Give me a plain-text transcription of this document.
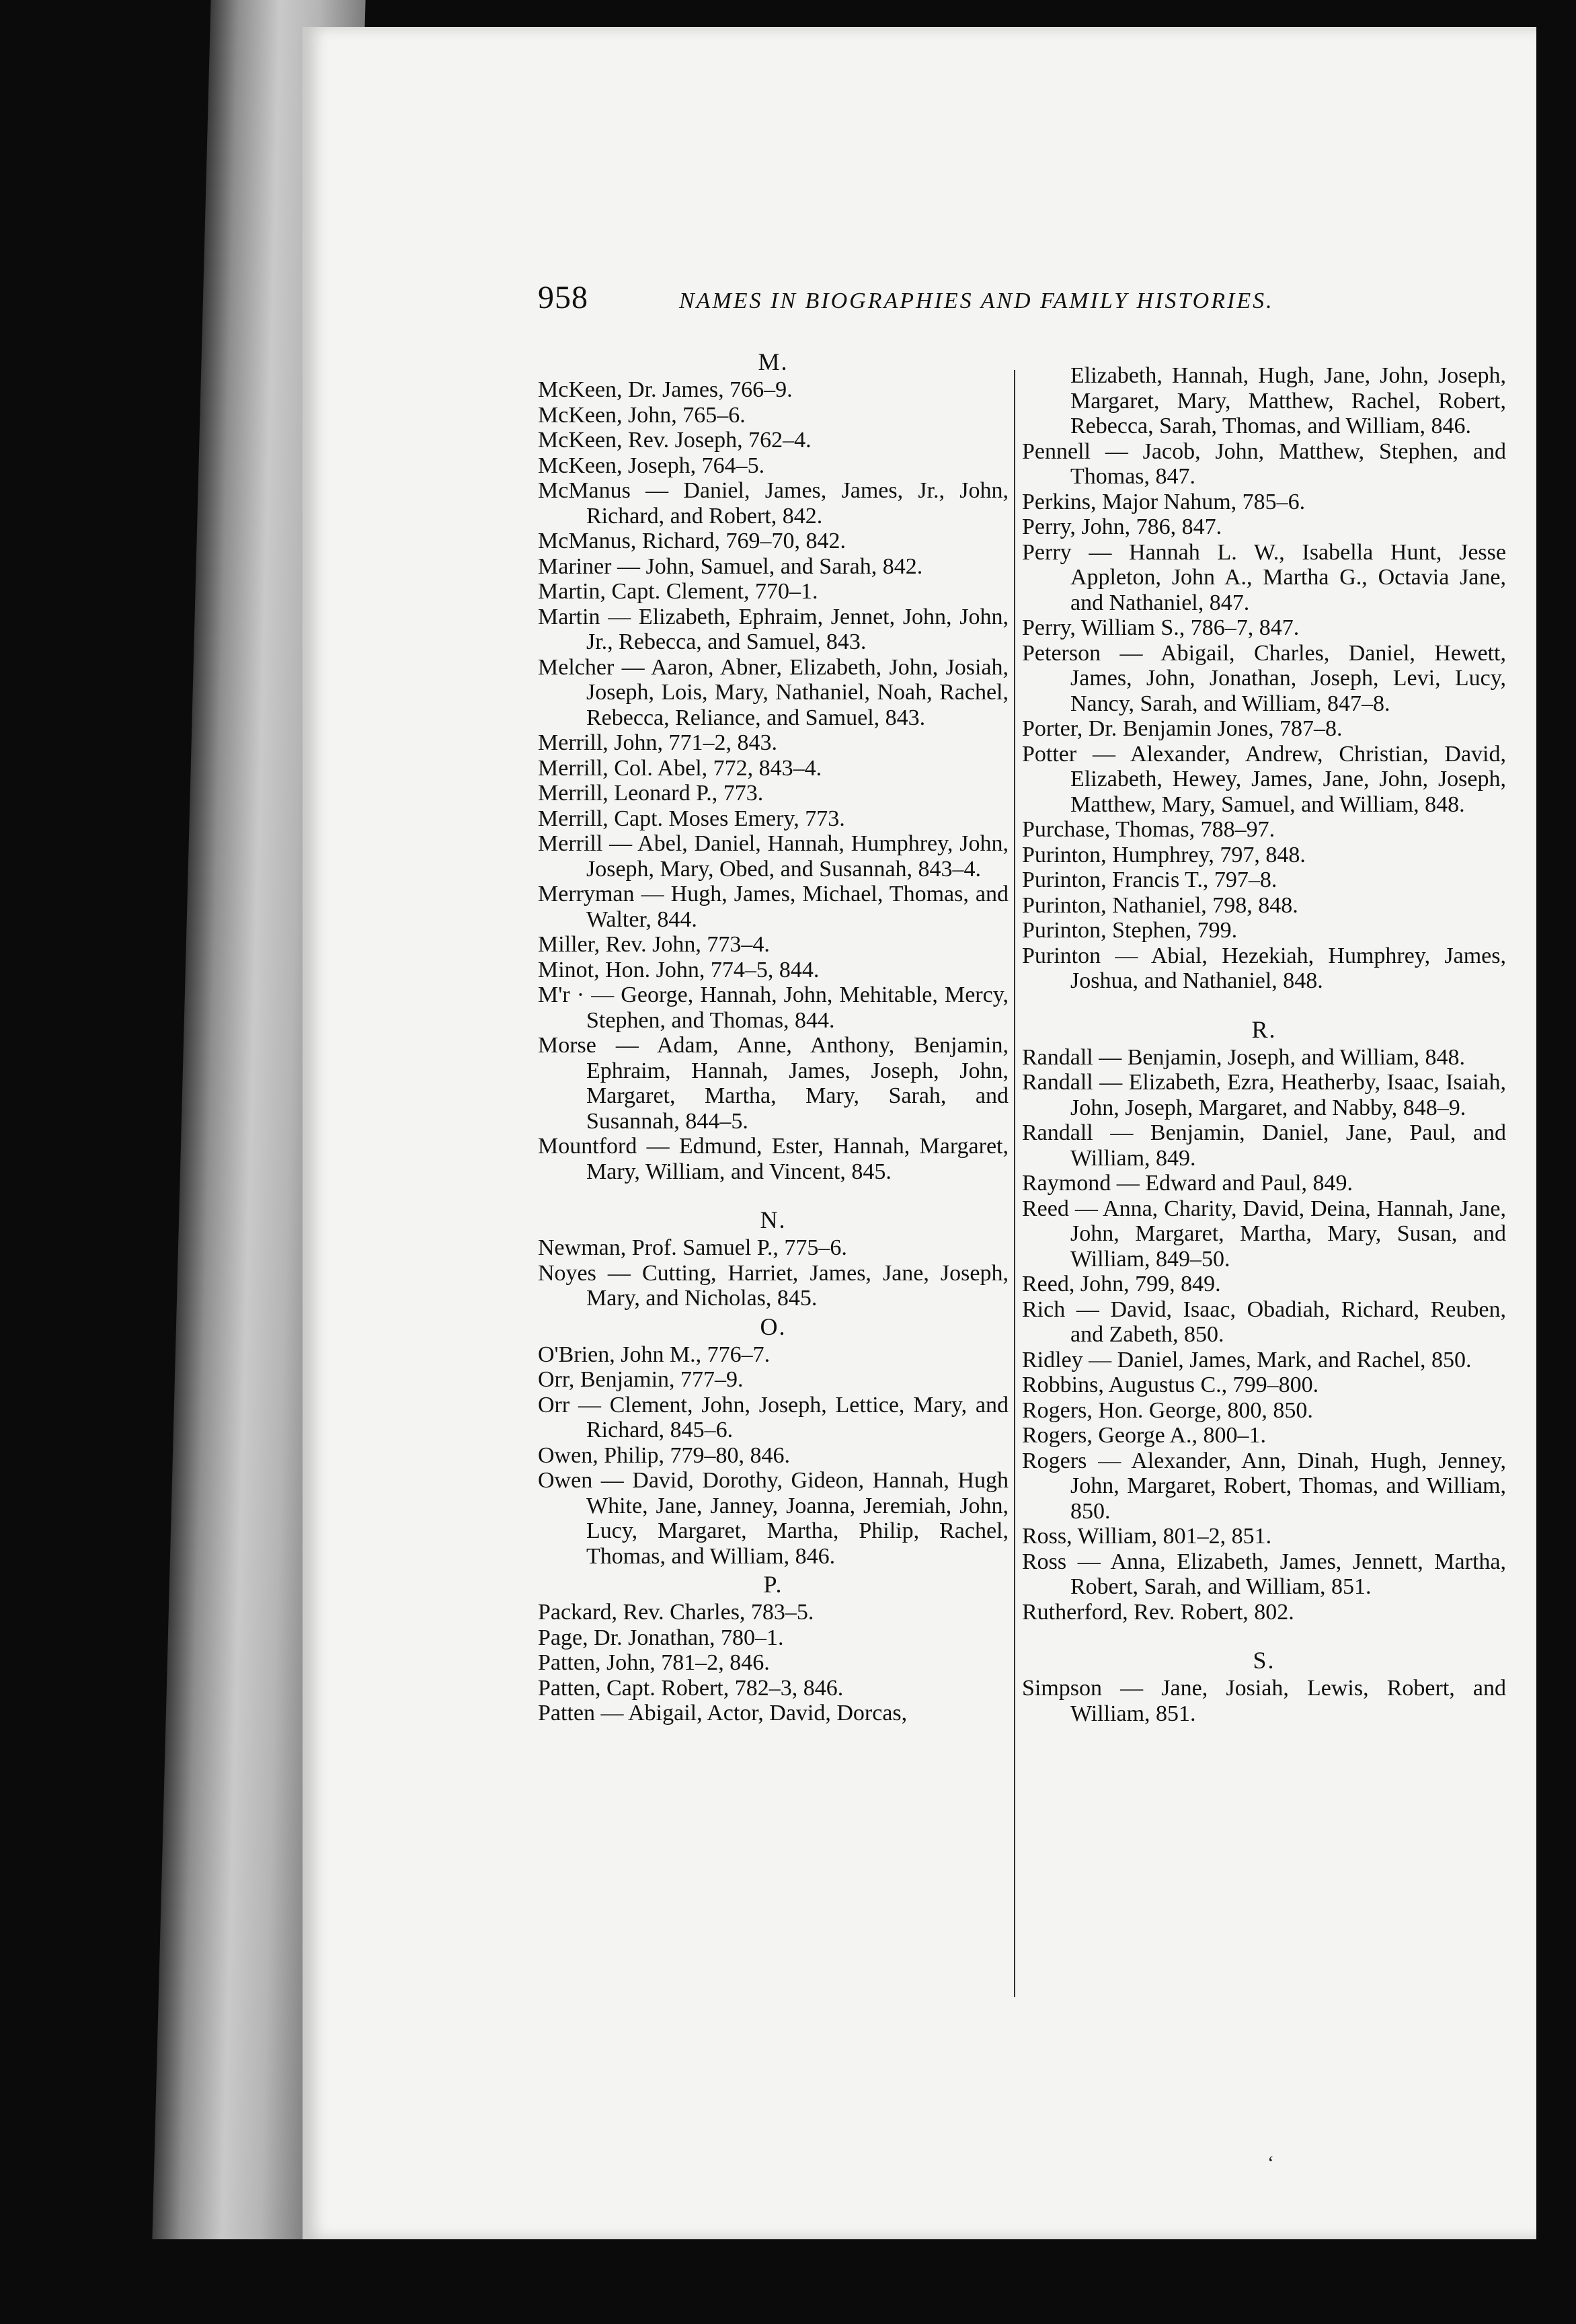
958	NAMES IN BIOGRAPHIES AND FAMILY HISTORIES.
M.

McKeen, Dr. James, 766–9.

McKeen, John, 765–6.

McKeen, Rev. Joseph, 762–4.

McKeen, Joseph, 764–5.

McManus — Daniel, James, James, Jr., John, Richard, and Robert, 842.

McManus, Richard, 769–70, 842.

Mariner — John, Samuel, and Sarah, 842.

Martin, Capt. Clement, 770–1.

Martin — Elizabeth, Ephraim, Jennet, John, John, Jr., Rebecca, and Samuel, 843.

Melcher — Aaron, Abner, Elizabeth, John, Josiah, Joseph, Lois, Mary, Nathaniel, Noah, Rachel, Rebecca, Reliance, and Samuel, 843.

Merrill, John, 771–2, 843.

Merrill, Col. Abel, 772, 843–4.

Merrill, Leonard P., 773.

Merrill, Capt. Moses Emery, 773.

Merrill — Abel, Daniel, Hannah, Humphrey, John, Joseph, Mary, Obed, and Susannah, 843–4.

Merryman — Hugh, James, Michael, Thomas, and Walter, 844.

Miller, Rev. John, 773–4.

Minot, Hon. John, 774–5, 844.

M'r · — George, Hannah, John, Mehitable, Mercy, Stephen, and Thomas, 844.

Morse — Adam, Anne, Anthony, Benjamin, Ephraim, Hannah, James, Joseph, John, Margaret, Martha, Mary, Sarah, and Susannah, 844–5.

Mountford — Edmund, Ester, Hannah, Margaret, Mary, William, and Vincent, 845.

N.

Newman, Prof. Samuel P., 775–6.

Noyes — Cutting, Harriet, James, Jane, Joseph, Mary, and Nicholas, 845.

O.

O'Brien, John M., 776–7.

Orr, Benjamin, 777–9.

Orr — Clement, John, Joseph, Lettice, Mary, and Richard, 845–6.

Owen, Philip, 779–80, 846.

Owen — David, Dorothy, Gideon, Hannah, Hugh White, Jane, Janney, Joanna, Jeremiah, John, Lucy, Margaret, Martha, Philip, Rachel, Thomas, and William, 846.

P.

Packard, Rev. Charles, 783–5.

Page, Dr. Jonathan, 780–1.

Patten, John, 781–2, 846.

Patten, Capt. Robert, 782–3, 846.

Patten — Abigail, Actor, David, Dorcas,

Elizabeth, Hannah, Hugh, Jane, John, Joseph, Margaret, Mary, Matthew, Rachel, Robert, Rebecca, Sarah, Thomas, and William, 846.

Pennell — Jacob, John, Matthew, Stephen, and Thomas, 847.

Perkins, Major Nahum, 785–6.

Perry, John, 786, 847.

Perry — Hannah L. W., Isabella Hunt, Jesse Appleton, John A., Martha G., Octavia Jane, and Nathaniel, 847.

Perry, William S., 786–7, 847.

Peterson — Abigail, Charles, Daniel, Hewett, James, John, Jonathan, Joseph, Levi, Lucy, Nancy, Sarah, and William, 847–8.

Porter, Dr. Benjamin Jones, 787–8.

Potter — Alexander, Andrew, Christian, David, Elizabeth, Hewey, James, Jane, John, Joseph, Matthew, Mary, Samuel, and William, 848.

Purchase, Thomas, 788–97.

Purinton, Humphrey, 797, 848.

Purinton, Francis T., 797–8.

Purinton, Nathaniel, 798, 848.

Purinton, Stephen, 799.

Purinton — Abial, Hezekiah, Humphrey, James, Joshua, and Nathaniel, 848.

R.

Randall — Benjamin, Joseph, and William, 848.

Randall — Elizabeth, Ezra, Heatherby, Isaac, Isaiah, John, Joseph, Margaret, and Nabby, 848–9.

Randall — Benjamin, Daniel, Jane, Paul, and William, 849.

Raymond — Edward and Paul, 849.

Reed — Anna, Charity, David, Deina, Hannah, Jane, John, Margaret, Martha, Mary, Susan, and William, 849–50.

Reed, John, 799, 849.

Rich — David, Isaac, Obadiah, Richard, Reuben, and Zabeth, 850.

Ridley — Daniel, James, Mark, and Rachel, 850.

Robbins, Augustus C., 799–800.

Rogers, Hon. George, 800, 850.

Rogers, George A., 800–1.

Rogers — Alexander, Ann, Dinah, Hugh, Jenney, John, Margaret, Robert, Thomas, and William, 850.

Ross, William, 801–2, 851.

Ross — Anna, Elizabeth, James, Jennett, Martha, Robert, Sarah, and William, 851.

Rutherford, Rev. Robert, 802.

S.

Simpson — Jane, Josiah, Lewis, Robert, and William, 851.

ʻ
